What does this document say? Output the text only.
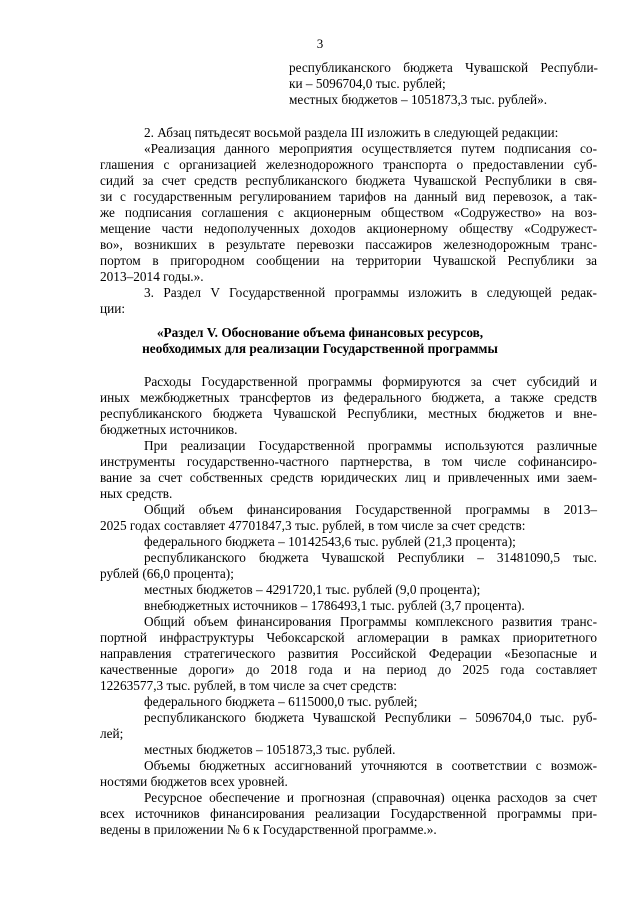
3
республиканского бюджета Чувашской Республи-
ки – 5096704,0 тыс. рублей;
местных бюджетов – 1051873,3 тыс. рублей».
2. Абзац пятьдесят восьмой раздела III изложить в следующей редакции:
«Реализация данного мероприятия осуществляется путем подписания со-
глашения с организацией железнодорожного транспорта о предоставлении суб-
сидий за счет средств республиканского бюджета Чувашской Республики в свя-
зи с государственным регулированием тарифов на данный вид перевозок, а так-
же подписания соглашения с акционерным обществом «Содружество» на воз-
мещение части недополученных доходов акционерному обществу «Содружест-
во», возникших в результате перевозки пассажиров железнодорожным транс-
портом в пригородном сообщении на территории Чувашской Республики за
2013–2014 годы.».
3. Раздел V Государственной программы изложить в следующей редак-
ции:
«Раздел V. Обоснование объема финансовых ресурсов,
необходимых для реализации Государственной программы
Расходы Государственной программы формируются за счет субсидий и
иных межбюджетных трансфертов из федерального бюджета, а также средств
республиканского бюджета Чувашской Республики, местных бюджетов и вне-
бюджетных источников.
При реализации Государственной программы используются различные
инструменты государственно-частного партнерства, в том числе софинансиро-
вание за счет собственных средств юридических лиц и привлеченных ими заем-
ных средств.
Общий объем финансирования Государственной программы в 2013–
2025 годах составляет 47701847,3 тыс. рублей, в том числе за счет средств:
федерального бюджета – 10142543,6 тыс. рублей (21,3 процента);
республиканского бюджета Чувашской Республики – 31481090,5 тыс.
рублей (66,0 процента);
местных бюджетов – 4291720,1 тыс. рублей (9,0 процента);
внебюджетных источников – 1786493,1 тыс. рублей (3,7 процента).
Общий объем финансирования Программы комплексного развития транс-
портной инфраструктуры Чебоксарской агломерации в рамках приоритетного
направления стратегического развития Российской Федерации «Безопасные и
качественные дороги» до 2018 года и на период до 2025 года составляет
12263577,3 тыс. рублей, в том числе за счет средств:
федерального бюджета – 6115000,0 тыс. рублей;
республиканского бюджета Чувашской Республики – 5096704,0 тыс. руб-
лей;
местных бюджетов – 1051873,3 тыс. рублей.
Объемы бюджетных ассигнований уточняются в соответствии с возмож-
ностями бюджетов всех уровней.
Ресурсное обеспечение и прогнозная (справочная) оценка расходов за счет
всех источников финансирования реализации Государственной программы при-
ведены в приложении № 6 к Государственной программе.».
